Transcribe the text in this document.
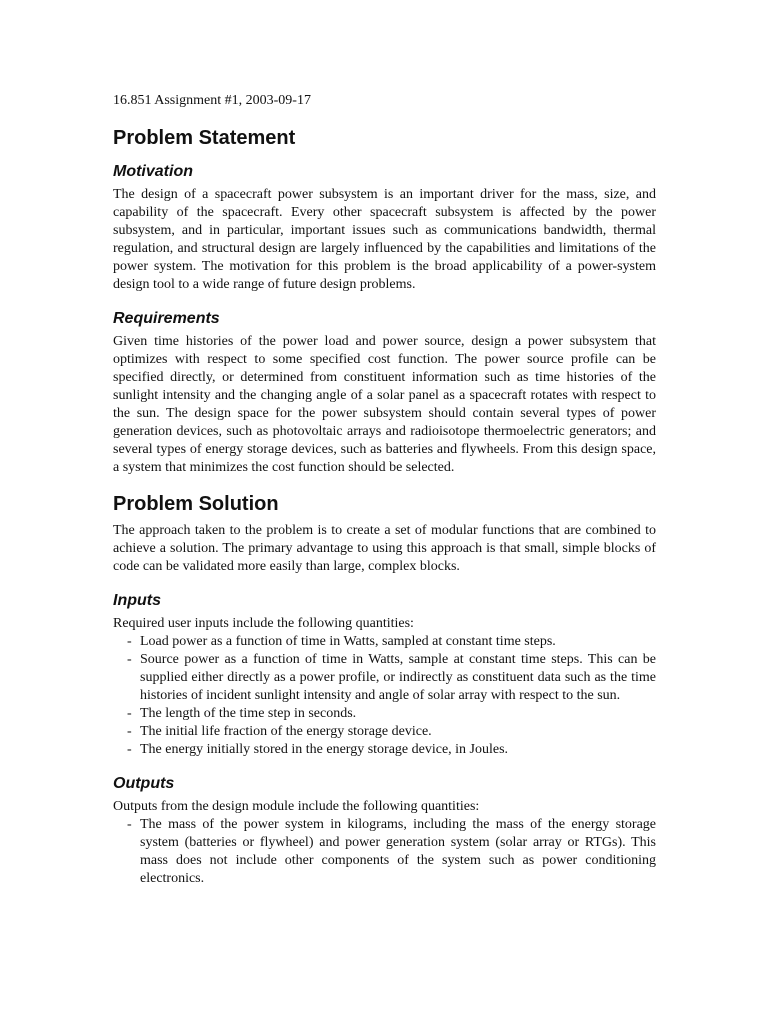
16.851 Assignment #1, 2003-09-17

Problem Statement
Motivation

The design of a spacecraft power subsystem is an important driver for the mass, size, and capability of the spacecraft. Every other spacecraft subsystem is affected by the power subsystem, and in particular, important issues such as communications bandwidth, thermal regulation, and structural design are largely influenced by the capabilities and limitations of the power system. The motivation for this problem is the broad applicability of a power-system design tool to a wide range of future design problems.

Requirements

Given time histories of the power load and power source, design a power subsystem that optimizes with respect to some specified cost function. The power source profile can be specified directly, or determined from constituent information such as time histories of the sunlight intensity and the changing angle of a solar panel as a spacecraft rotates with respect to the sun. The design space for the power subsystem should contain several types of power generation devices, such as photovoltaic arrays and radioisotope thermoelectric generators; and several types of energy storage devices, such as batteries and flywheels. From this design space, a system that minimizes the cost function should be selected.

Problem Solution

The approach taken to the problem is to create a set of modular functions that are combined to achieve a solution. The primary advantage to using this approach is that small, simple blocks of code can be validated more easily than large, complex blocks.

Inputs

Required user inputs include the following quantities:

- Load power as a function of time in Watts, sampled at constant time steps.
- Source power as a function of time in Watts, sample at constant time steps. This can be supplied either directly as a power profile, or indirectly as constituent data such as the time histories of incident sunlight intensity and angle of solar array with respect to the sun.
- The length of the time step in seconds.
- The initial life fraction of the energy storage device.
- The energy initially stored in the energy storage device, in Joules.
Outputs

Outputs from the design module include the following quantities:

- The mass of the power system in kilograms, including the mass of the energy storage system (batteries or flywheel) and power generation system (solar array or RTGs). This mass does not include other components of the system such as power conditioning electronics.
